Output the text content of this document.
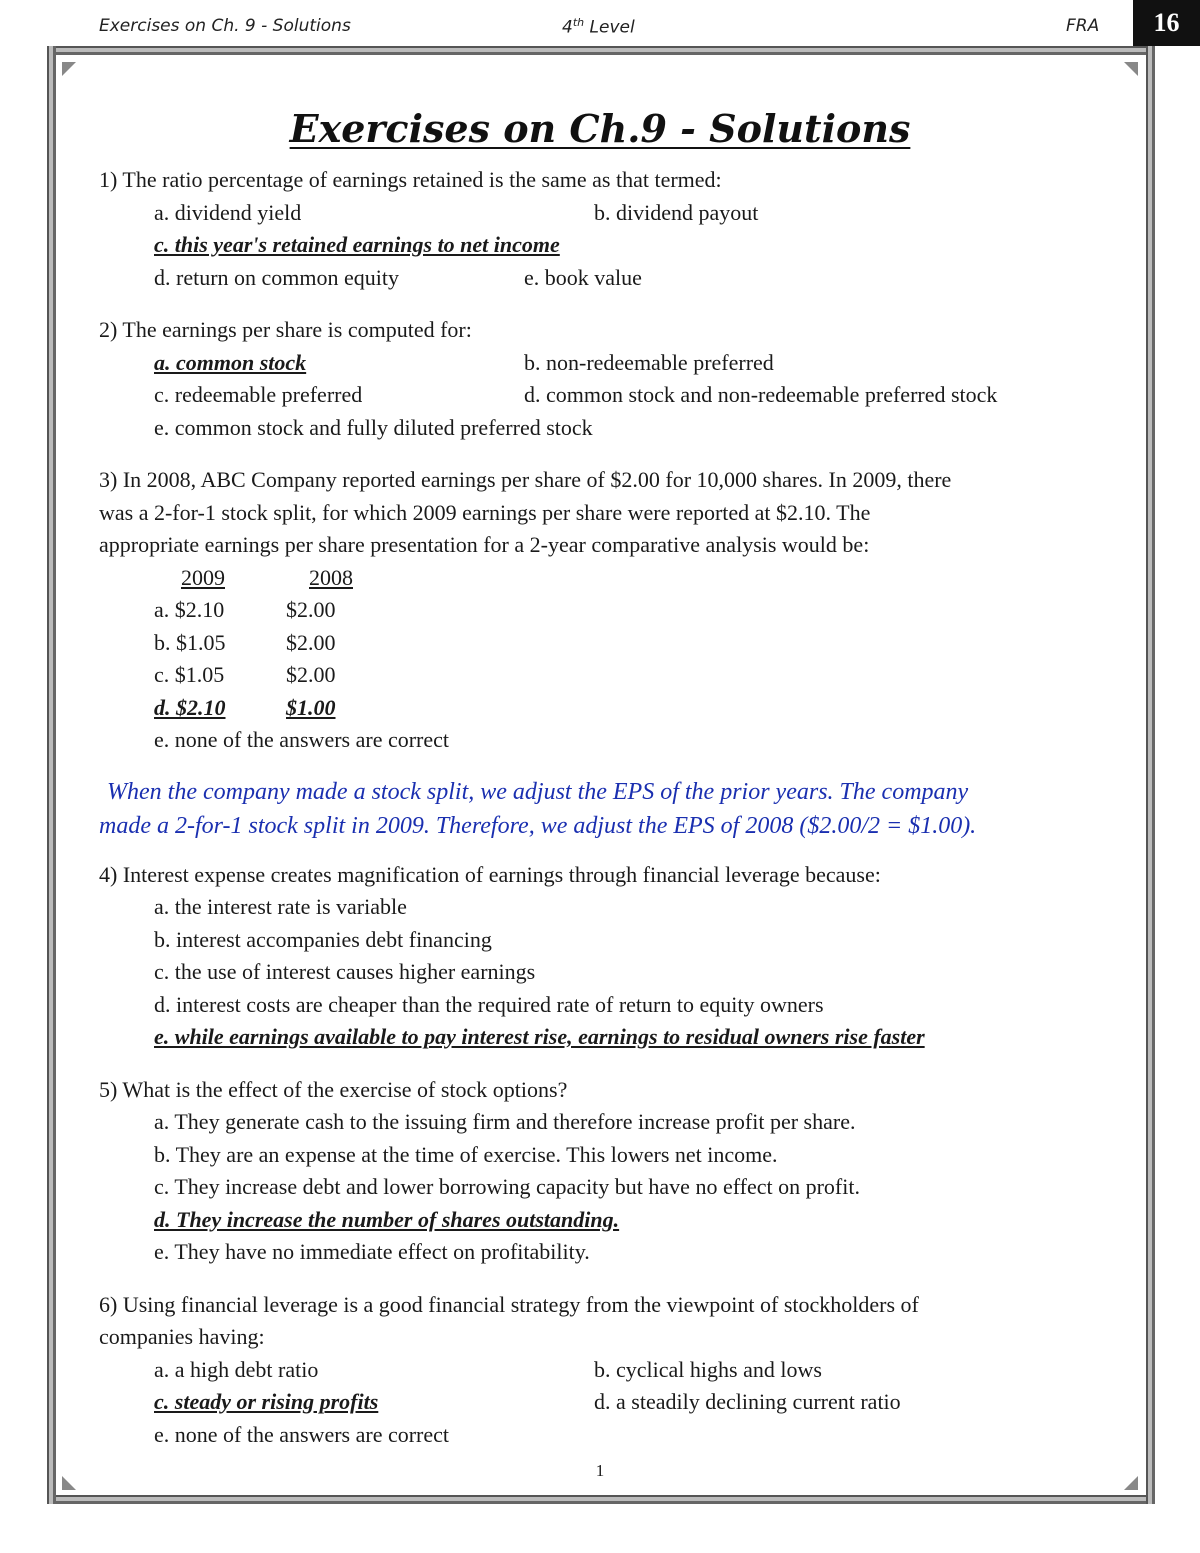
Exercises on Ch. 9 - Solutions	4th Level	FRA	16
Exercises on Ch.9 - Solutions
1) The ratio percentage of earnings retained is the same as that termed:
a. dividend yield	b. dividend payout
c. this year's retained earnings to net income
d. return on common equity	e. book value
2) The earnings per share is computed for:
a. common stock	b. non-redeemable preferred
c. redeemable preferred	d. common stock and non-redeemable preferred stock
e. common stock and fully diluted preferred stock
3) In 2008, ABC Company reported earnings per share of $2.00 for 10,000 shares. In 2009, there
was a 2-for-1 stock split, for which 2009 earnings per share were reported at $2.10. The
appropriate earnings per share presentation for a 2-year comparative analysis would be:
2009	2008
a. $2.10	$2.00
b. $1.05	$2.00
c. $1.05	$2.00
d. $2.10	$1.00
e. none of the answers are correct
When the company made a stock split, we adjust the EPS of the prior years. The company
made a 2-for-1 stock split in 2009. Therefore, we adjust the EPS of 2008 ($2.00/2 = $1.00).
4) Interest expense creates magnification of earnings through financial leverage because:
a. the interest rate is variable
b. interest accompanies debt financing
c. the use of interest causes higher earnings
d. interest costs are cheaper than the required rate of return to equity owners
e. while earnings available to pay interest rise, earnings to residual owners rise faster
5) What is the effect of the exercise of stock options?
a. They generate cash to the issuing firm and therefore increase profit per share.
b. They are an expense at the time of exercise. This lowers net income.
c. They increase debt and lower borrowing capacity but have no effect on profit.
d. They increase the number of shares outstanding.
e. They have no immediate effect on profitability.
6) Using financial leverage is a good financial strategy from the viewpoint of stockholders of
companies having:
a. a high debt ratio	b. cyclical highs and lows
c. steady or rising profits	d. a steadily declining current ratio
e. none of the answers are correct
1
